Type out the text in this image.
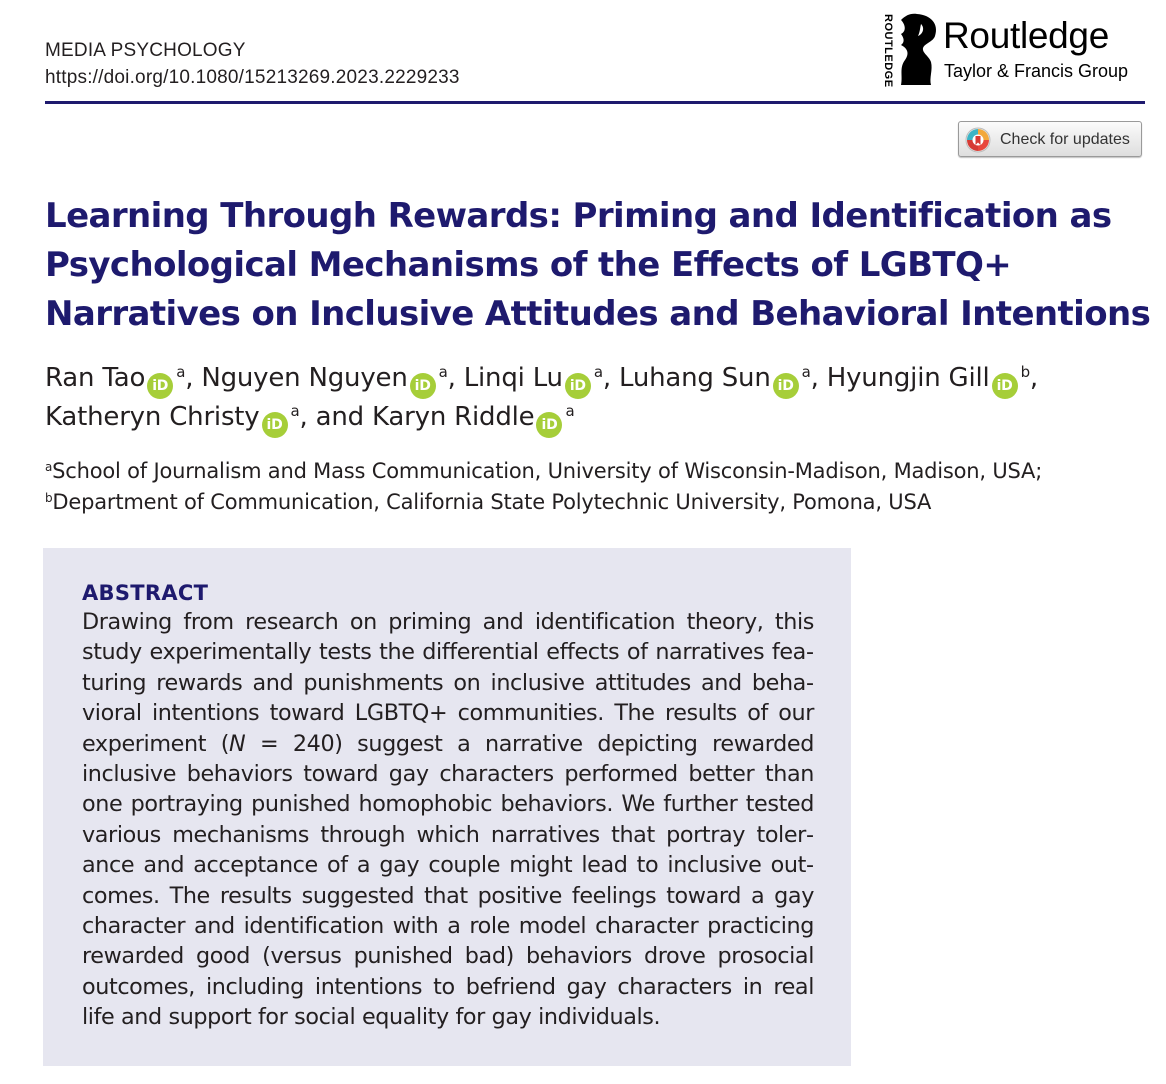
MEDIA PSYCHOLOGY
https://doi.org/10.1080/15213269.2023.2229233	ROUTLEDGE Routledge
Taylor & Francis Group
Check for updates
Learning Through Rewards: Priming and Identification as Psychological Mechanisms of the Effects of LGBTQ+ Narratives on Inclusive Attitudes and Behavioral Intentions
Ran Tao $iD^a$, Nguyen Nguyen $iD^a$, Linqi Lu $iD^a$, Luhang Sun $iD^a$, Hyungjin Gill $iD^b$,
Katheryn Christy $iD^a$, and Karyn Riddle $iD^a$
$^a$School of Journalism and Mass Communication, University of Wisconsin-Madison, Madison, USA;
$^b$Department of Communication, California State Polytechnic University, Pomona, USA
ABSTRACT

Drawing from research on priming and identification theory, this study experimentally tests the differential effects of narratives featuring rewards and punishments on inclusive attitudes and behavioral intentions toward LGBTQ+ communities. The results of our experiment (N = 240) suggest a narrative depicting rewarded inclusive behaviors toward gay characters performed better than one portraying punished homophobic behaviors. We further tested various mechanisms through which narratives that portray tolerance and acceptance of a gay couple might lead to inclusive outcomes. The results suggested that positive feelings toward a gay character and identification with a role model character practicing rewarded good (versus punished bad) behaviors drove prosocial outcomes, including intentions to befriend gay characters in real life and support for social equality for gay individuals.
